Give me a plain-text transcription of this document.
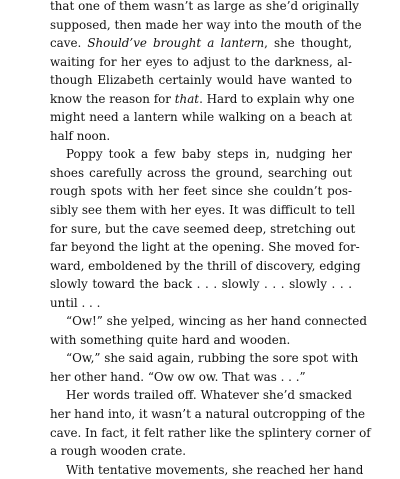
that one of them wasn’t as large as she’d originally
supposed, then made her way into the mouth of the
cave. Should’ve brought a lantern, she thought,
waiting for her eyes to adjust to the darkness, al-
though Elizabeth certainly would have wanted to
know the reason for that. Hard to explain why one
might need a lantern while walking on a beach at
half noon.
Poppy took a few baby steps in, nudging her
shoes carefully across the ground, searching out
rough spots with her feet since she couldn’t pos-
sibly see them with her eyes. It was difficult to tell
for sure, but the cave seemed deep, stretching out
far beyond the light at the opening. She moved for-
ward, emboldened by the thrill of discovery, edging
slowly toward the back . . . slowly . . . slowly . . .
until . . .
“Ow!” she yelped, wincing as her hand connected
with something quite hard and wooden.
“Ow,” she said again, rubbing the sore spot with
her other hand. “Ow ow ow. That was . . .”
Her words trailed off. Whatever she’d smacked
her hand into, it wasn’t a natural outcropping of the
cave. In fact, it felt rather like the splintery corner of
a rough wooden crate.
With tentative movements, she reached her hand
